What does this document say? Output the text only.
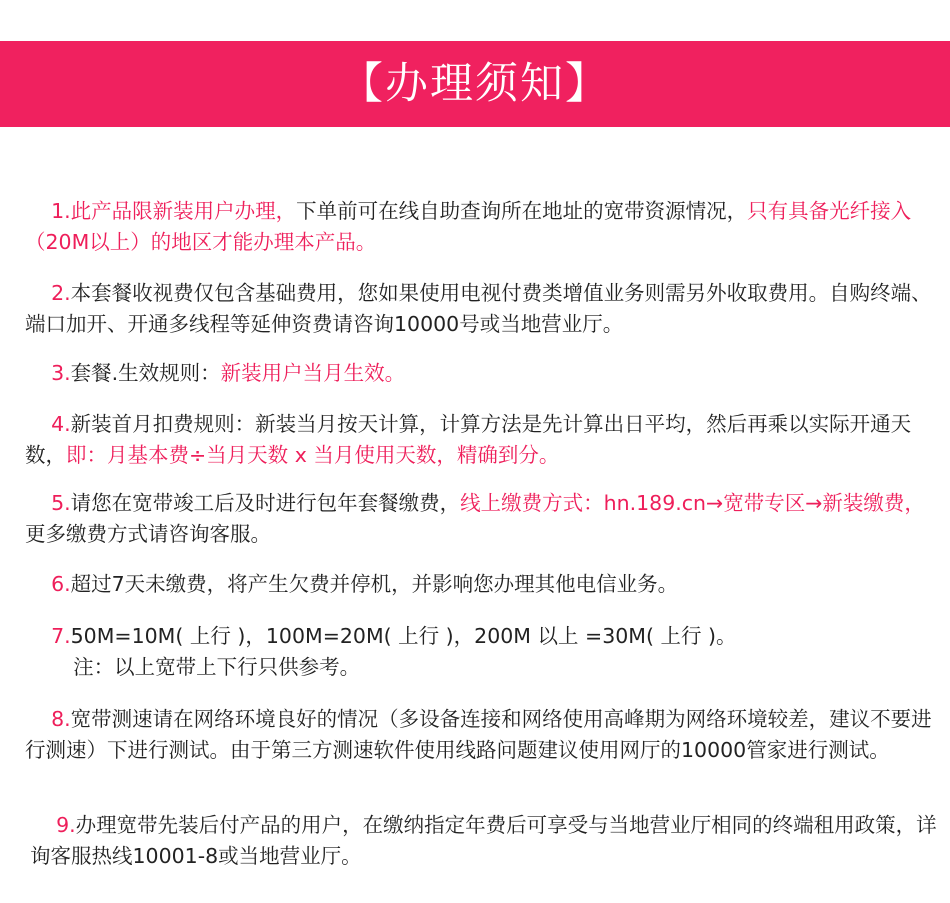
【办理须知】

1.此产品限新装用户办理，下单前可在线自助查询所在地址的宽带资源情况，只有具备光纤接入（20M以上）的地区才能办理本产品。

2.本套餐收视费仅包含基础费用，您如果使用电视付费类增值业务则需另外收取费用。自购终端、端口加开、开通多线程等延伸资费请咨询10000号或当地营业厅。

3.套餐.生效规则：新装用户当月生效。

4.新装首月扣费规则：新装当月按天计算，计算方法是先计算出日平均，然后再乘以实际开通天数，即：月基本费÷当月天数 x 当月使用天数，精确到分。

5.请您在宽带竣工后及时进行包年套餐缴费，线上缴费方式：hn.189.cn→宽带专区→新装缴费，更多缴费方式请咨询客服。

6.超过7天未缴费，将产生欠费并停机，并影响您办理其他电信业务。

7.50M=10M( 上行 )，100M=20M( 上行 )，200M 以上 =30M( 上行 )。

注：以上宽带上下行只供参考。

8.宽带测速请在网络环境良好的情况（多设备连接和网络使用高峰期为网络环境较差，建议不要进行测速）下进行测试。由于第三方测速软件使用线路问题建议使用网厅的10000管家进行测试。

9.办理宽带先装后付产品的用户，在缴纳指定年费后可享受与当地营业厅相同的终端租用政策，详询客服热线10001-8或当地营业厅。
